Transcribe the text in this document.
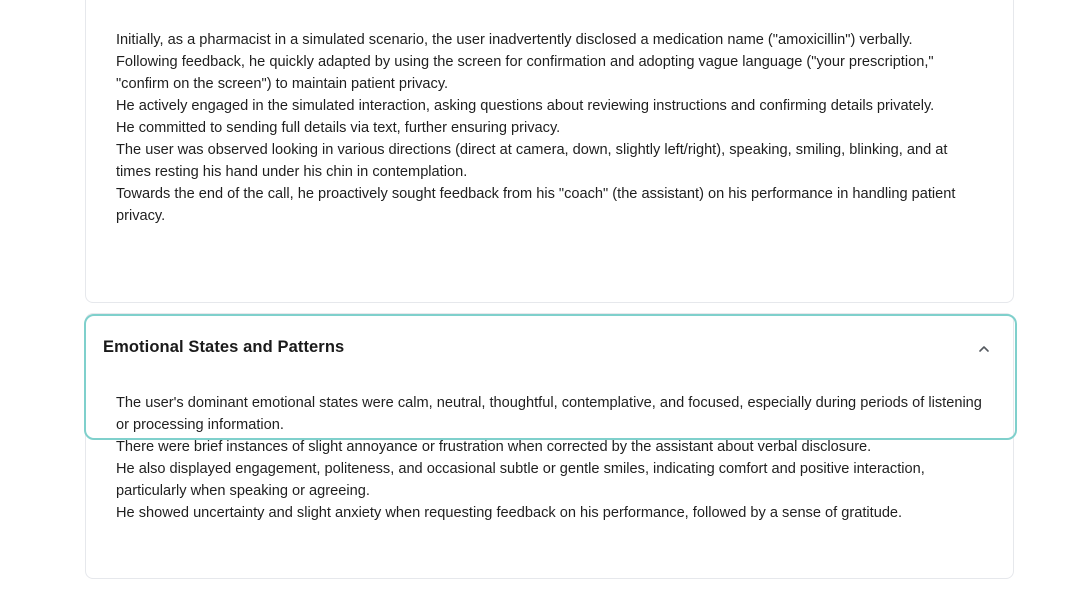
Initially, as a pharmacist in a simulated scenario, the user inadvertently disclosed a medication name ("amoxicillin") verbally.

Following feedback, he quickly adapted by using the screen for confirmation and adopting vague language ("your prescription," "confirm on the screen") to maintain patient privacy.

He actively engaged in the simulated interaction, asking questions about reviewing instructions and confirming details privately.

He committed to sending full details via text, further ensuring privacy.

The user was observed looking in various directions (direct at camera, down, slightly left/right), speaking, smiling, blinking, and at times resting his hand under his chin in contemplation.

Towards the end of the call, he proactively sought feedback from his "coach" (the assistant) on his performance in handling patient privacy.

Emotional States and Patterns

The user's dominant emotional states were calm, neutral, thoughtful, contemplative, and focused, especially during periods of listening or processing information.

There were brief instances of slight annoyance or frustration when corrected by the assistant about verbal disclosure.

He also displayed engagement, politeness, and occasional subtle or gentle smiles, indicating comfort and positive interaction, particularly when speaking or agreeing.

He showed uncertainty and slight anxiety when requesting feedback on his performance, followed by a sense of gratitude.
